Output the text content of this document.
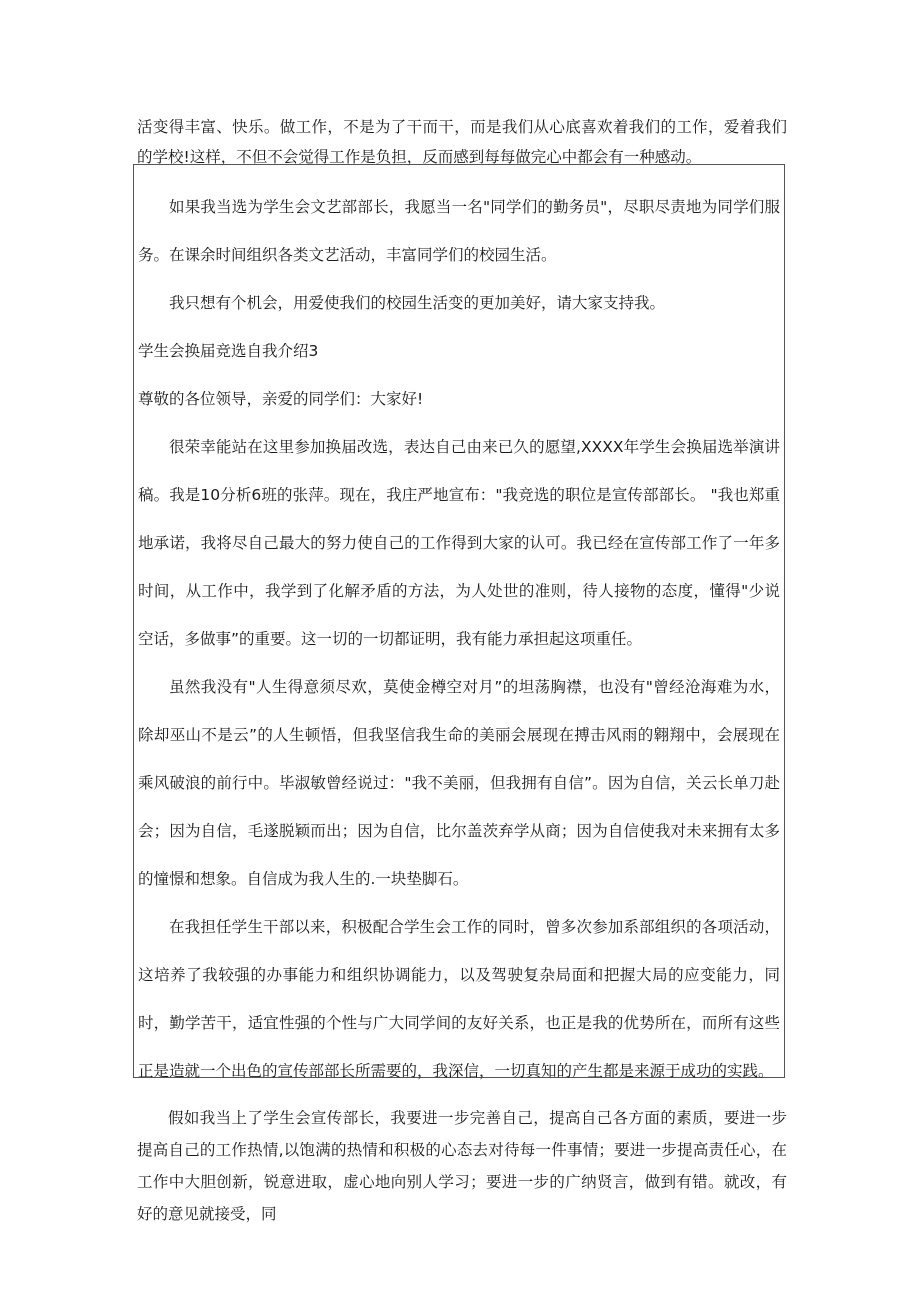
活变得丰富、快乐。做工作，不是为了干而干，而是我们从心底喜欢着我们的工作，爱着我们的学校!这样，不但不会觉得工作是负担，反而感到每每做完心中都会有一种感动。

如果我当选为学生会文艺部部长，我愿当一名"同学们的勤务员"，尽职尽责地为同学们服务。在课余时间组织各类文艺活动，丰富同学们的校园生活。

我只想有个机会，用爱使我们的校园生活变的更加美好，请大家支持我。

学生会换届竞选自我介绍3

尊敬的各位领导，亲爱的同学们：大家好!

很荣幸能站在这里参加换届改选，表达自己由来已久的愿望,XXXX年学生会换届选举演讲稿。我是10分析6班的张萍。现在，我庄严地宣布："我竞选的职位是宣传部部长。 "我也郑重地承诺，我将尽自己最大的努力使自己的工作得到大家的认可。我已经在宣传部工作了一年多时间，从工作中，我学到了化解矛盾的方法，为人处世的准则，待人接物的态度，懂得"少说空话，多做事”的重要。这一切的一切都证明，我有能力承担起这项重任。

虽然我没有"人生得意须尽欢，莫使金樽空对月”的坦荡胸襟，也没有"曾经沧海难为水，除却巫山不是云”的人生顿悟，但我坚信我生命的美丽会展现在搏击风雨的翱翔中，会展现在乘风破浪的前行中。毕淑敏曾经说过："我不美丽，但我拥有自信”。因为自信，关云长单刀赴会；因为自信，毛遂脱颖而出；因为自信，比尔盖茨弃学从商；因为自信使我对未来拥有太多的憧憬和想象。自信成为我人生的.一块垫脚石。

在我担任学生干部以来，积极配合学生会工作的同时，曾多次参加系部组织的各项活动，这培养了我较强的办事能力和组织协调能力，以及驾驶复杂局面和把握大局的应变能力，同时，勤学苦干，适宜性强的个性与广大同学间的友好关系，也正是我的优势所在，而所有这些正是造就一个出色的宣传部部长所需要的，我深信，一切真知的产生都是来源于成功的实践。

假如我当上了学生会宣传部长，我要进一步完善自己，提高自己各方面的素质，要进一步提高自己的工作热情,以饱满的热情和积极的心态去对待每一件事情；要进一步提高责任心，在工作中大胆创新，锐意进取，虚心地向别人学习；要进一步的广纳贤言，做到有错。就改，有好的意见就接受，同
